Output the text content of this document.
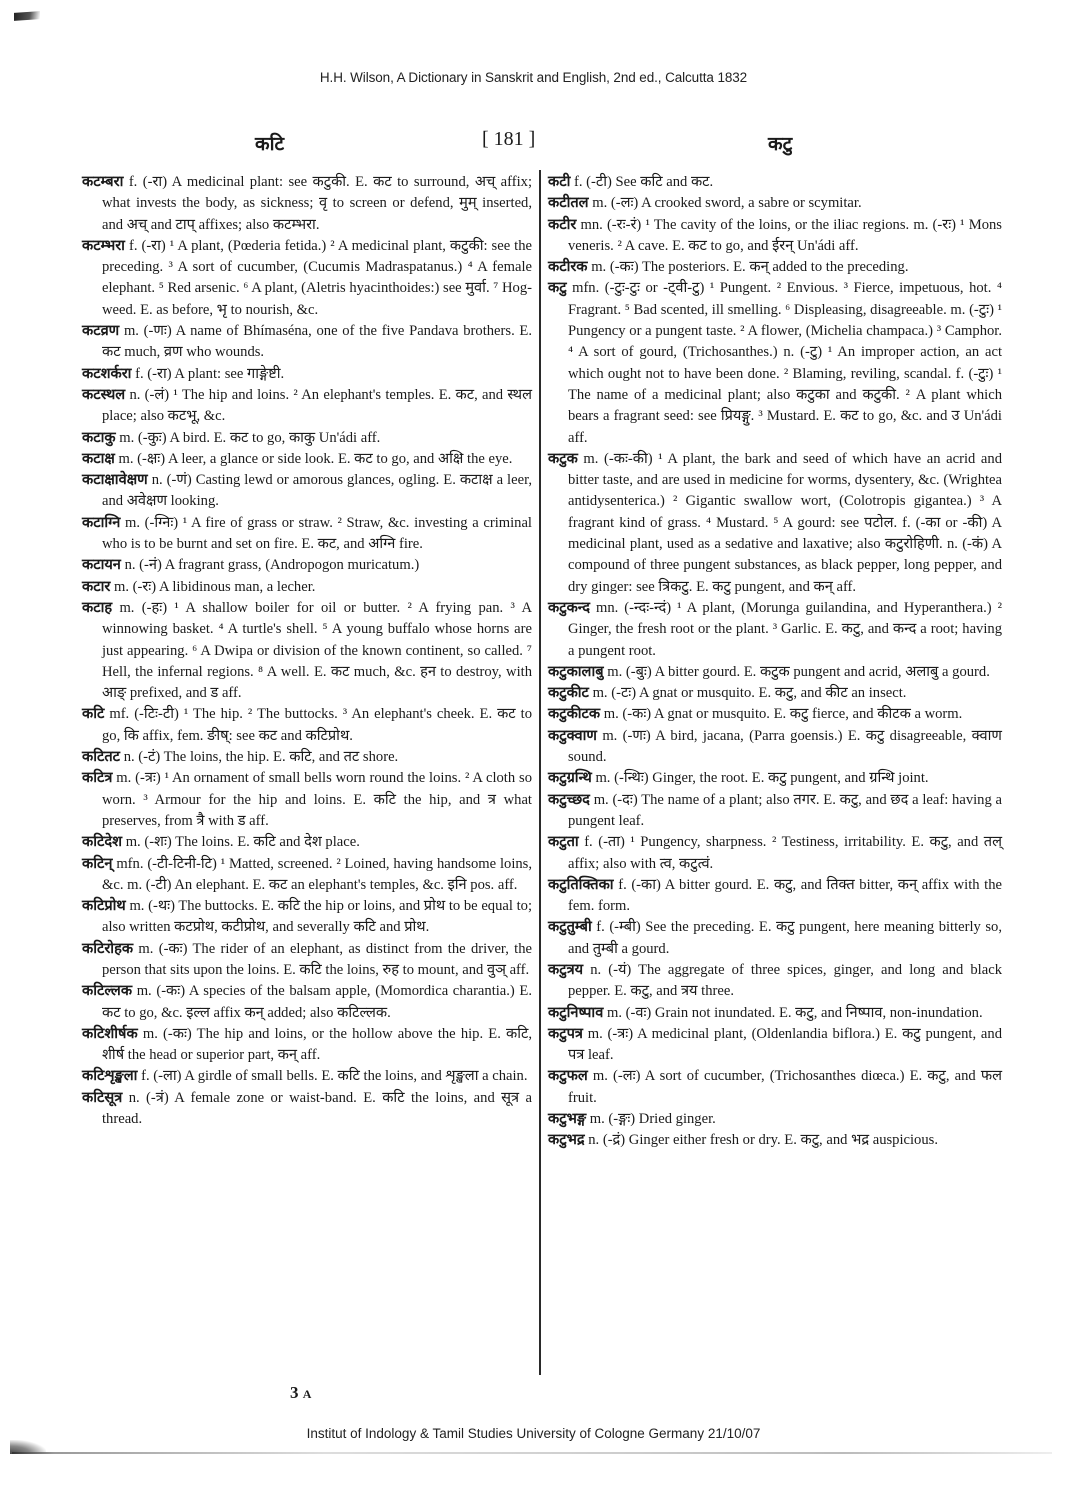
H.H. Wilson, A Dictionary in Sanskrit and English, 2nd ed., Calcutta 1832
कटि	[ 181 ]	कटु

कटम्बरा f. (-रा) A medicinal plant: see कटुकी. E. कट to surround, अच् affix; what invests the body, as sickness; वृ to screen or defend, मुम् inserted, and अच् and टाप् affixes; also कटम्भरा.

कटम्भरा f. (-रा) ¹ A plant, (Pœderia fetida.) ² A medicinal plant, कटुकी: see the preceding. ³ A sort of cucumber, (Cucumis Madraspatanus.) ⁴ A female elephant. ⁵ Red arsenic. ⁶ A plant, (Aletris hyacinthoides:) see मुर्वा. ⁷ Hog-weed. E. as before, भृ to nourish, &c.

कटव्रण m. (-णः) A name of Bhímaséna, one of the five Pandava brothers. E. कट much, व्रण who wounds.

कटशर्करा f. (-रा) A plant: see गाङ्गेष्टी.

कटस्थल n. (-लं) ¹ The hip and loins. ² An elephant's temples. E. कट, and स्थल place; also कटभू, &c.

कटाकु m. (-कुः) A bird. E. कट to go, काकु Un'ádi aff.

कटाक्ष m. (-क्षः) A leer, a glance or side look. E. कट to go, and अक्षि the eye.

कटाक्षावेक्षण n. (-णं) Casting lewd or amorous glances, ogling. E. कटाक्ष a leer, and अवेक्षण looking.

कटाग्नि m. (-ग्निः) ¹ A fire of grass or straw. ² Straw, &c. investing a criminal who is to be burnt and set on fire. E. कट, and अग्नि fire.

कटायन n. (-नं) A fragrant grass, (Andropogon muricatum.)

कटार m. (-रः) A libidinous man, a lecher.

कटाह m. (-हः) ¹ A shallow boiler for oil or butter. ² A frying pan. ³ A winnowing basket. ⁴ A turtle's shell. ⁵ A young buffalo whose horns are just appearing. ⁶ A Dwipa or division of the known continent, so called. ⁷ Hell, the infernal regions. ⁸ A well. E. कट much, &c. हन to destroy, with आङ् prefixed, and ड aff.

कटि mf. (-टिः-टी) ¹ The hip. ² The buttocks. ³ An elephant's cheek. E. कट to go, कि affix, fem. ङीष्: see कट and कटिप्रोथ.

कटितट n. (-टं) The loins, the hip. E. कटि, and तट shore.

कटित्र m. (-त्रः) ¹ An ornament of small bells worn round the loins. ² A cloth so worn. ³ Armour for the hip and loins. E. कटि the hip, and त्र what preserves, from त्रै with ड aff.

कटिदेश m. (-शः) The loins. E. कटि and देश place.

कटिन् mfn. (-टी-टिनी-टि) ¹ Matted, screened. ² Loined, having handsome loins, &c. m. (-टी) An elephant. E. कट an elephant's temples, &c. इनि pos. aff.

कटिप्रोथ m. (-थः) The buttocks. E. कटि the hip or loins, and प्रोथ to be equal to; also written कटप्रोथ, कटीप्रोथ, and severally कटि and प्रोथ.

कटिरोहक m. (-कः) The rider of an elephant, as distinct from the driver, the person that sits upon the loins. E. कटि the loins, रुह to mount, and वुञ् aff.

कटिल्लक m. (-कः) A species of the balsam apple, (Momordica charantia.) E. कट to go, &c. इल्ल affix कन् added; also कटिल्लक.

कटिशीर्षक m. (-कः) The hip and loins, or the hollow above the hip. E. कटि, शीर्ष the head or superior part, कन् aff.

कटिशृङ्खला f. (-ला) A girdle of small bells. E. कटि the loins, and शृङ्खला a chain.

कटिसूत्र n. (-त्रं) A female zone or waist-band. E. कटि the loins, and सूत्र a thread.

कटी f. (-टी) See कटि and कट.

कटीतल m. (-लः) A crooked sword, a sabre or scymitar.

कटीर mn. (-रः-रं) ¹ The cavity of the loins, or the iliac regions. m. (-रः) ¹ Mons veneris. ² A cave. E. कट to go, and ईरन् Un'ádi aff.

कटीरक m. (-कः) The posteriors. E. कन् added to the preceding.

कटु mfn. (-टुः-टुः or -ट्वी-टु) ¹ Pungent. ² Envious. ³ Fierce, impetuous, hot. ⁴ Fragrant. ⁵ Bad scented, ill smelling. ⁶ Displeasing, disagreeable. m. (-टुः) ¹ Pungency or a pungent taste. ² A flower, (Michelia champaca.) ³ Camphor. ⁴ A sort of gourd, (Trichosanthes.) n. (-टु) ¹ An improper action, an act which ought not to have been done. ² Blaming, reviling, scandal. f. (-टुः) ¹ The name of a medicinal plant; also कटुका and कटुकी. ² A plant which bears a fragrant seed: see प्रियङ्गु. ³ Mustard. E. कट to go, &c. and उ Un'ádi aff.

कटुक m. (-कः-की) ¹ A plant, the bark and seed of which have an acrid and bitter taste, and are used in medicine for worms, dysentery, &c. (Wrightea antidysenterica.) ² Gigantic swallow wort, (Colotropis gigantea.) ³ A fragrant kind of grass. ⁴ Mustard. ⁵ A gourd: see पटोल. f. (-का or -की) A medicinal plant, used as a sedative and laxative; also कटुरोहिणी. n. (-कं) A compound of three pungent substances, as black pepper, long pepper, and dry ginger: see त्रिकटु. E. कटु pungent, and कन् aff.

कटुकन्द mn. (-न्दः-न्दं) ¹ A plant, (Morunga guilandina, and Hyperanthera.) ² Ginger, the fresh root or the plant. ³ Garlic. E. कटु, and कन्द a root; having a pungent root.

कटुकालाबु m. (-बुः) A bitter gourd. E. कटुक pungent and acrid, अलाबु a gourd.

कटुकीट m. (-टः) A gnat or musquito. E. कटु, and कीट an insect.

कटुकीटक m. (-कः) A gnat or musquito. E. कटु fierce, and कीटक a worm.

कटुक्वाण m. (-णः) A bird, jacana, (Parra goensis.) E. कटु disagreeable, क्वाण sound.

कटुग्रन्थि m. (-न्थिः) Ginger, the root. E. कटु pungent, and ग्रन्थि joint.

कटुच्छद m. (-दः) The name of a plant; also तगर. E. कटु, and छद a leaf: having a pungent leaf.

कटुता f. (-ता) ¹ Pungency, sharpness. ² Testiness, irritability. E. कटु, and तल् affix; also with त्व, कटुत्वं.

कटुतिक्तिका f. (-का) A bitter gourd. E. कटु, and तिक्त bitter, कन् affix with the fem. form.

कटुतुम्बी f. (-म्बी) See the preceding. E. कटु pungent, here meaning bitterly so, and तुम्बी a gourd.

कटुत्रय n. (-यं) The aggregate of three spices, ginger, and long and black pepper. E. कटु, and त्रय three.

कटुनिष्पाव m. (-वः) Grain not inundated. E. कटु, and निष्पाव, non-inundation.

कटुपत्र m. (-त्रः) A medicinal plant, (Oldenlandia biflora.) E. कटु pungent, and पत्र leaf.

कटुफल m. (-लः) A sort of cucumber, (Trichosanthes diœca.) E. कटु, and फल fruit.

कटुभङ्ग m. (-ङ्गः) Dried ginger.

कटुभद्र n. (-द्रं) Ginger either fresh or dry. E. कटु, and भद्र auspicious.

3 A
Institut of Indology & Tamil Studies University of Cologne Germany 21/10/07
